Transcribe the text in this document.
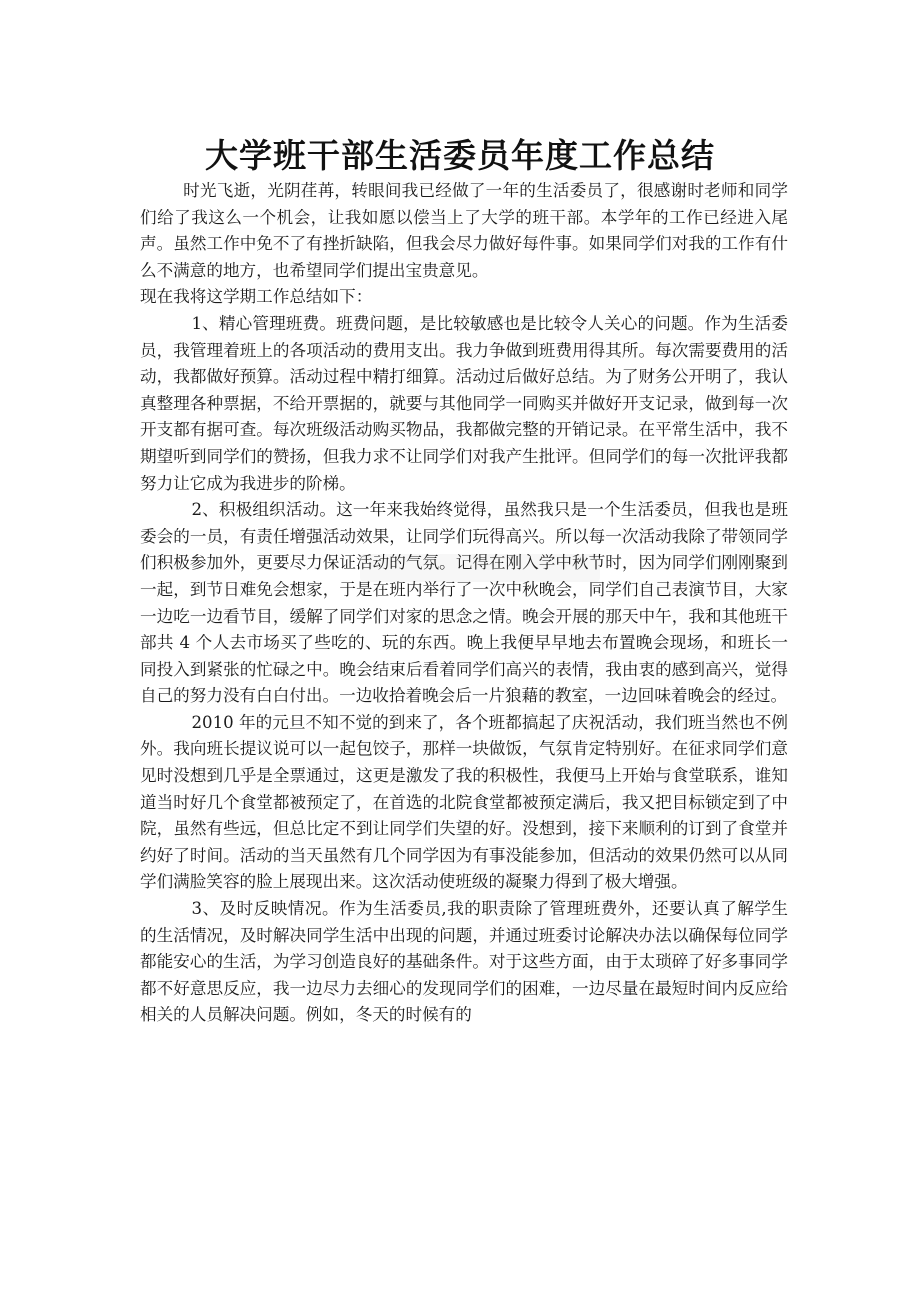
大学班干部生活委员年度工作总结

时光飞逝，光阴荏苒，转眼间我已经做了一年的生活委员了，很感谢时老师和同学们给了我这么一个机会，让我如愿以偿当上了大学的班干部。本学年的工作已经进入尾声。虽然工作中免不了有挫折缺陷，但我会尽力做好每件事。如果同学们对我的工作有什么不满意的地方，也希望同学们提出宝贵意见。

现在我将这学期工作总结如下：

1、精心管理班费。班费问题，是比较敏感也是比较令人关心的问题。作为生活委员，我管理着班上的各项活动的费用支出。我力争做到班费用得其所。每次需要费用的活动，我都做好预算。活动过程中精打细算。活动过后做好总结。为了财务公开明了，我认真整理各种票据，不给开票据的，就要与其他同学一同购买并做好开支记录，做到每一次开支都有据可查。每次班级活动购买物品，我都做完整的开销记录。在平常生活中，我不期望听到同学们的赞扬，但我力求不让同学们对我产生批评。但同学们的每一次批评我都努力让它成为我进步的阶梯。

2、积极组织活动。这一年来我始终觉得，虽然我只是一个生活委员，但我也是班委会的一员，有责任增强活动效果，让同学们玩得高兴。所以每一次活动我除了带领同学们积极参加外，更要尽力保证活动的气氛。记得在刚入学中秋节时，因为同学们刚刚聚到一起，到节日难免会想家，于是在班内举行了一次中秋晚会，同学们自己表演节目，大家一边吃一边看节目，缓解了同学们对家的思念之情。晚会开展的那天中午，我和其他班干部共 4 个人去市场买了些吃的、玩的东西。晚上我便早早地去布置晚会现场，和班长一同投入到紧张的忙碌之中。晚会结束后看着同学们高兴的表情，我由衷的感到高兴，觉得自己的努力没有白白付出。一边收拾着晚会后一片狼藉的教室，一边回味着晚会的经过。

2010 年的元旦不知不觉的到来了，各个班都搞起了庆祝活动，我们班当然也不例外。我向班长提议说可以一起包饺子，那样一块做饭，气氛肯定特别好。在征求同学们意见时没想到几乎是全票通过，这更是激发了我的积极性，我便马上开始与食堂联系，谁知道当时好几个食堂都被预定了，在首选的北院食堂都被预定满后，我又把目标锁定到了中院，虽然有些远，但总比定不到让同学们失望的好。没想到，接下来顺利的订到了食堂并约好了时间。活动的当天虽然有几个同学因为有事没能参加，但活动的效果仍然可以从同学们满脸笑容的脸上展现出来。这次活动使班级的凝聚力得到了极大增强。

3、及时反映情况。作为生活委员,我的职责除了管理班费外，还要认真了解学生的生活情况，及时解决同学生活中出现的问题，并通过班委讨论解决办法以确保每位同学都能安心的生活，为学习创造良好的基础条件。对于这些方面，由于太琐碎了好多事同学都不好意思反应，我一边尽力去细心的发现同学们的困难，一边尽量在最短时间内反应给相关的人员解决问题。例如，冬天的时候有的
